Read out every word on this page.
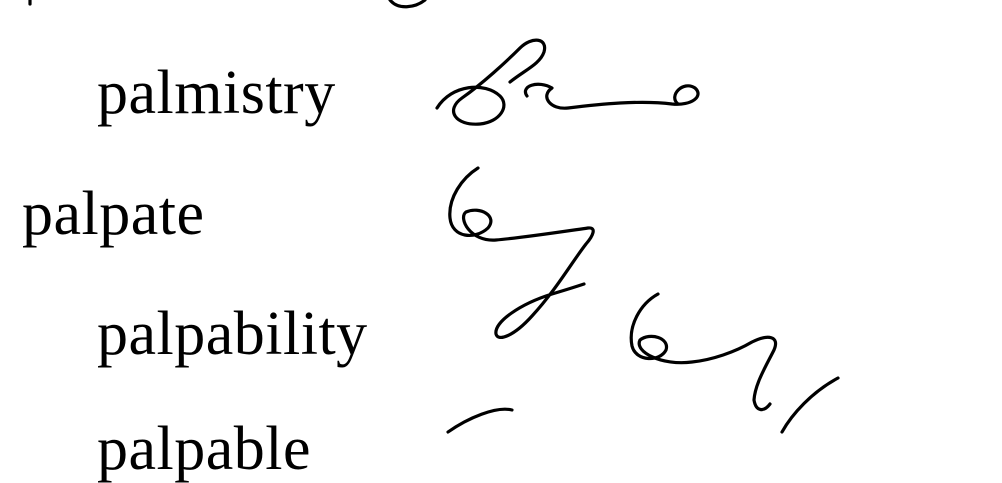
palmistry
palpate
palpability
palpable
